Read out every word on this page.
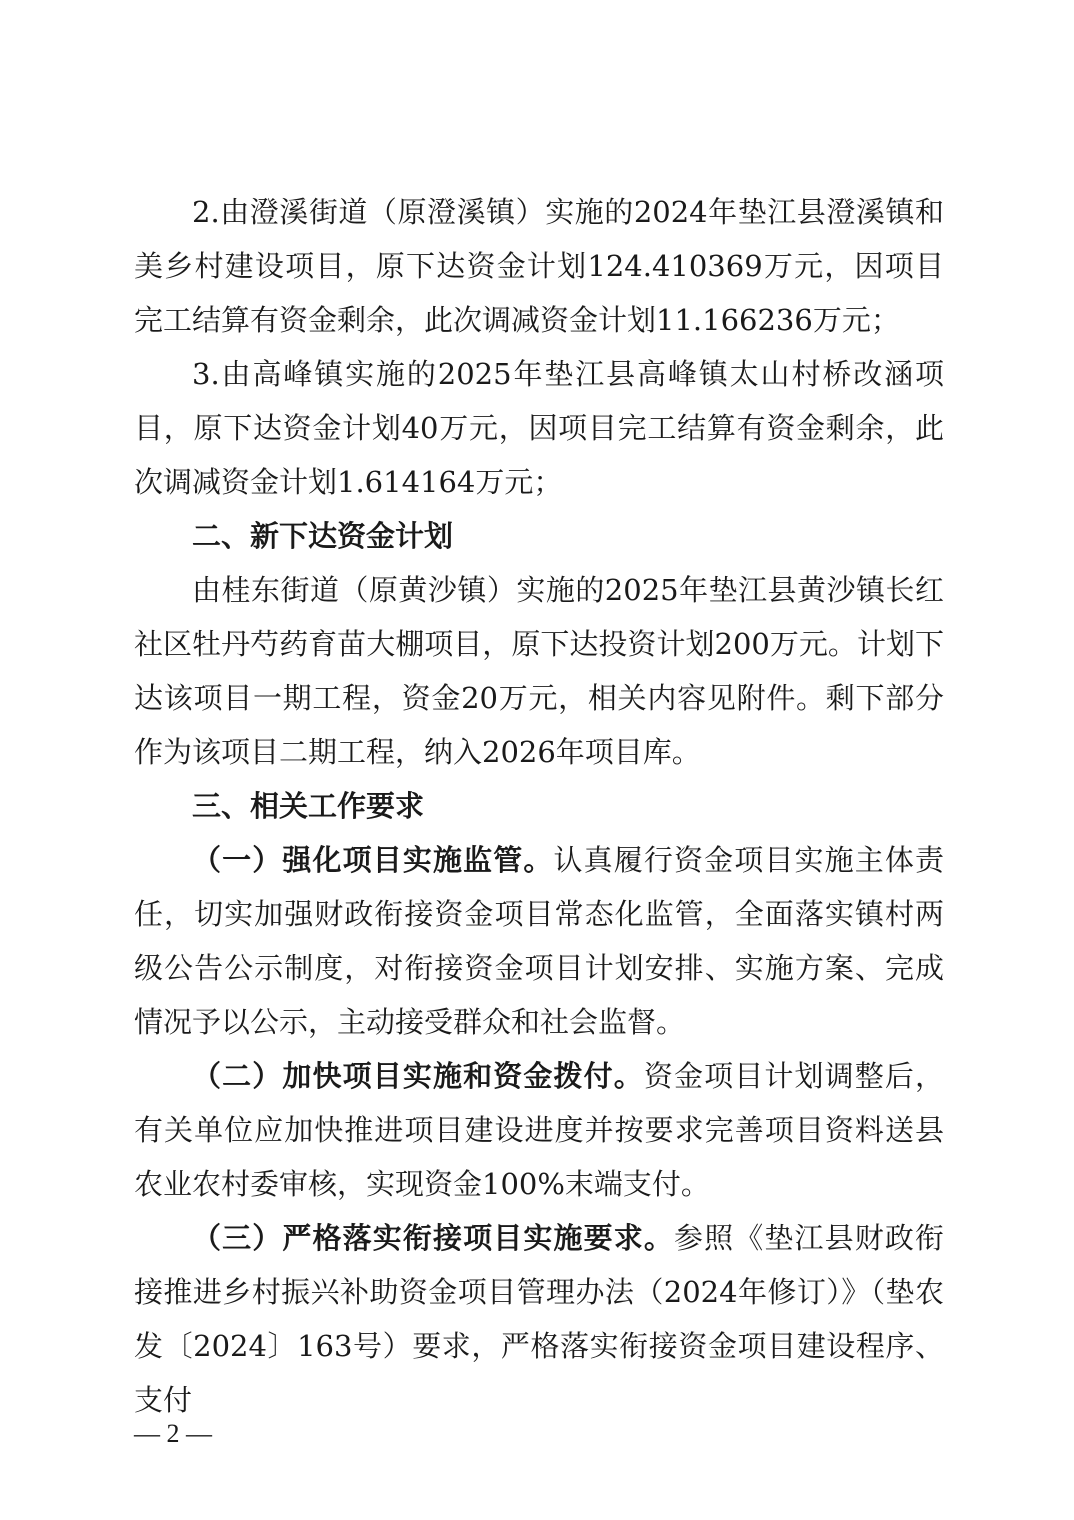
2.由澄溪街道（原澄溪镇）实施的2024年垫江县澄溪镇和美乡村建设项目，原下达资金计划124.410369万元，因项目完工结算有资金剩余，此次调减资金计划11.166236万元；

3.由高峰镇实施的2025年垫江县高峰镇太山村桥改涵项目，原下达资金计划40万元，因项目完工结算有资金剩余，此次调减资金计划1.614164万元；

二、新下达资金计划

由桂东街道（原黄沙镇）实施的2025年垫江县黄沙镇长红社区牡丹芍药育苗大棚项目，原下达投资计划200万元。计划下达该项目一期工程，资金20万元，相关内容见附件。剩下部分作为该项目二期工程，纳入2026年项目库。

三、相关工作要求

（一）强化项目实施监管。认真履行资金项目实施主体责任，切实加强财政衔接资金项目常态化监管，全面落实镇村两级公告公示制度，对衔接资金项目计划安排、实施方案、完成情况予以公示，主动接受群众和社会监督。

（二）加快项目实施和资金拨付。资金项目计划调整后，有关单位应加快推进项目建设进度并按要求完善项目资料送县农业农村委审核，实现资金100%末端支付。

（三）严格落实衔接项目实施要求。参照《垫江县财政衔接推进乡村振兴补助资金项目管理办法（2024年修订）》（垫农发〔2024〕163号）要求，严格落实衔接资金项目建设程序、支付

— 2 —
